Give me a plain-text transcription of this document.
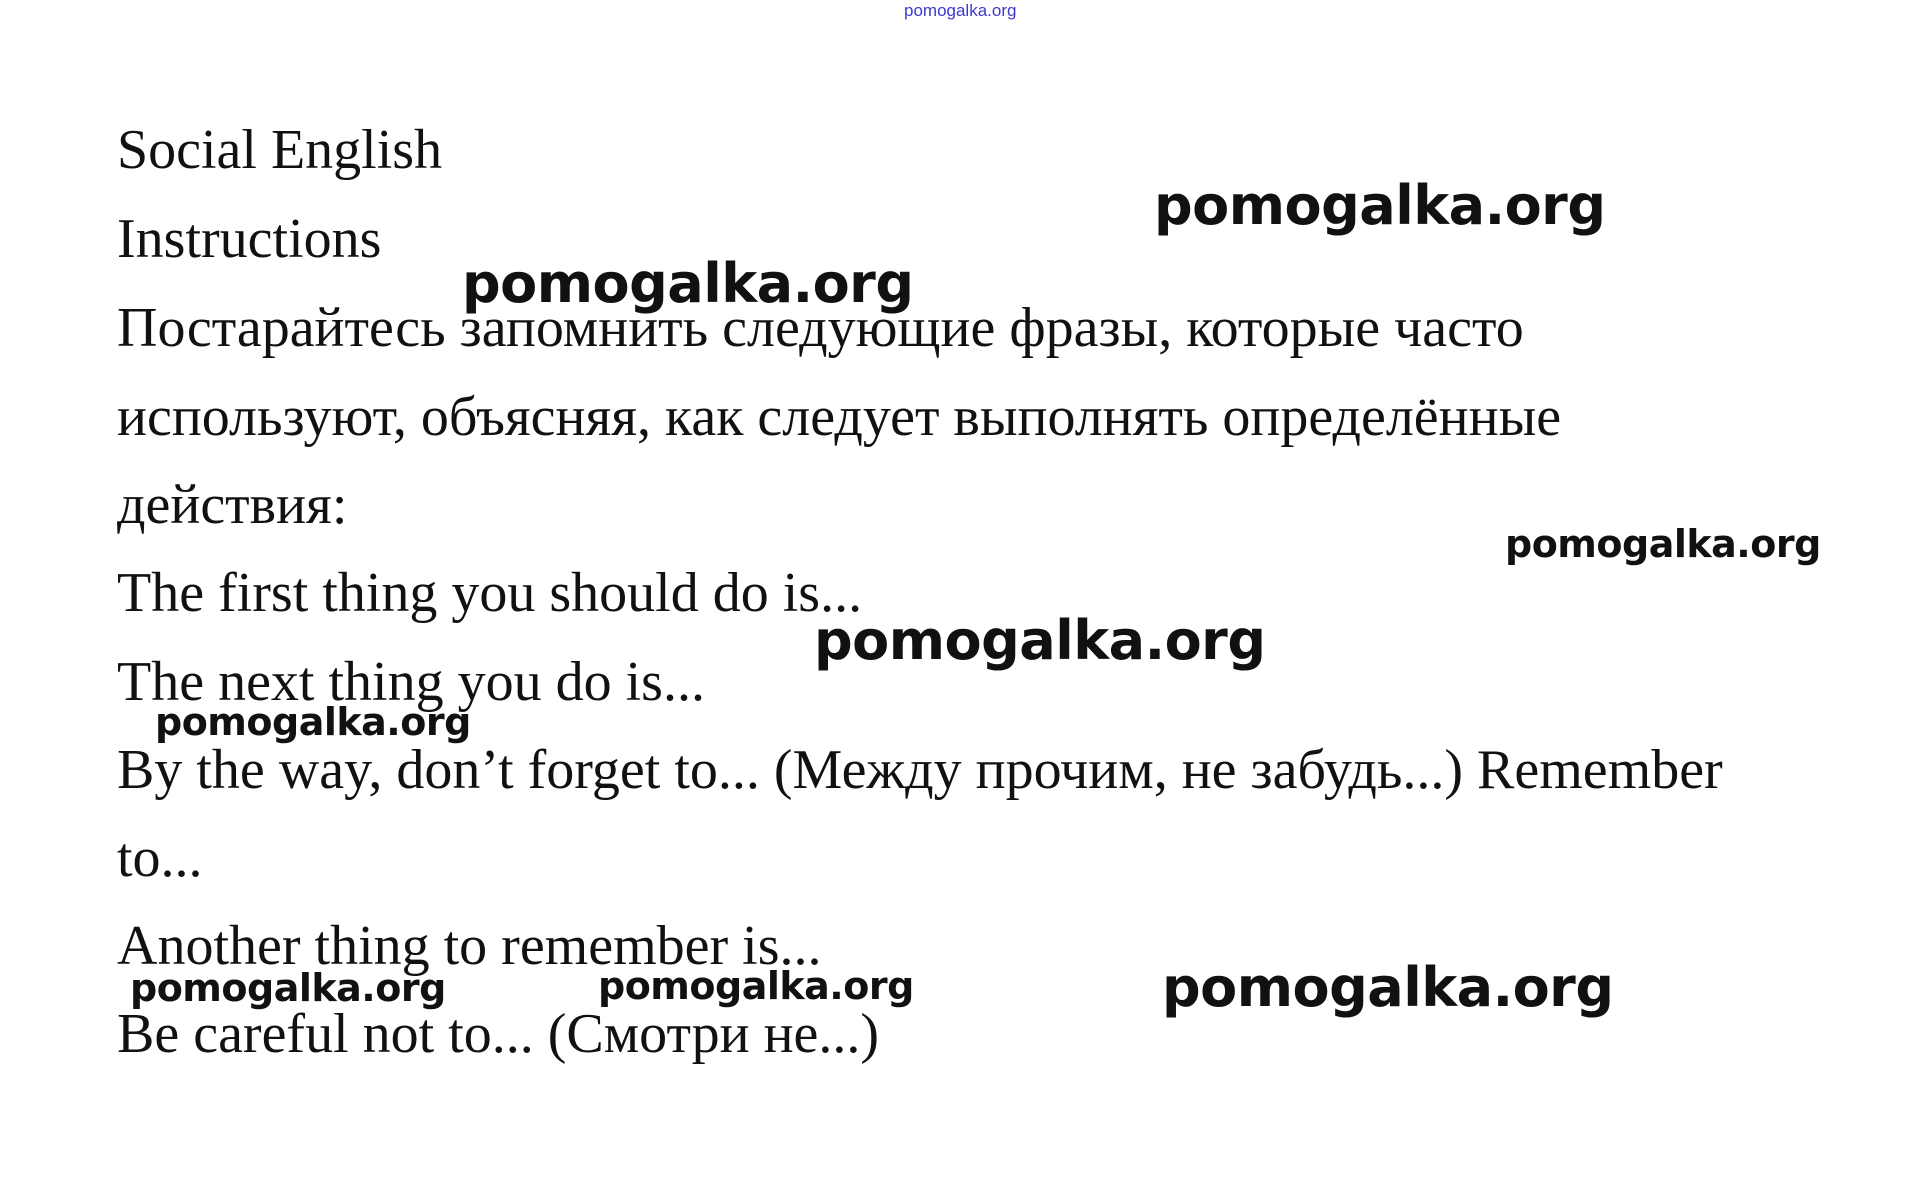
pomogalka.org

Social English

Instructions

Постарайтесь запомнить следующие фразы, которые часто

используют, объясняя, как следует выполнять определённые

действия:

The first thing you should do is...

The next thing you do is...

By the way, don’t forget to... (Между прочим, не забудь...) Remember

to...

Another thing to remember is...

Be careful not to... (Смотри не...)

pomogalka.org

pomogalka.org

pomogalka.org

pomogalka.org

pomogalka.org

pomogalka.org	pomogalka.org	pomogalka.org
